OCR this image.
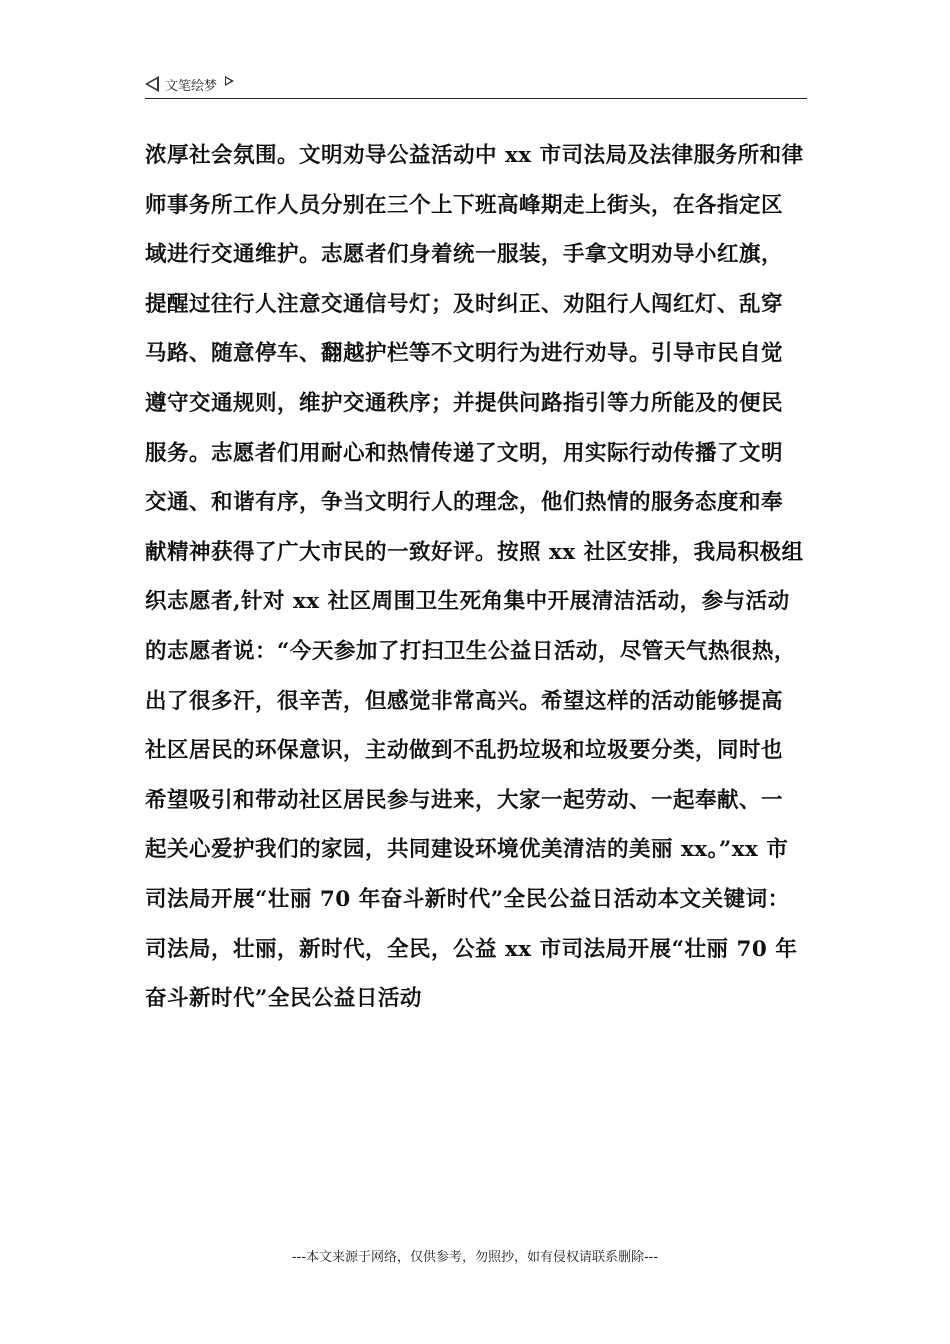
文笔绘梦
浓厚社会氛围。文明劝导公益活动中 xx 市司法局及法律服务所和律
师事务所工作人员分别在三个上下班高峰期走上街头，在各指定区
域进行交通维护。志愿者们身着统一服装，手拿文明劝导小红旗，
提醒过往行人注意交通信号灯；及时纠正、劝阻行人闯红灯、乱穿
马路、随意停车、翻越护栏等不文明行为进行劝导。引导市民自觉
遵守交通规则，维护交通秩序；并提供问路指引等力所能及的便民
服务。志愿者们用耐心和热情传递了文明，用实际行动传播了文明
交通、和谐有序，争当文明行人的理念，他们热情的服务态度和奉
献精神获得了广大市民的一致好评。按照 xx 社区安排，我局积极组
织志愿者,针对 xx 社区周围卫生死角集中开展清洁活动，参与活动
的志愿者说：“今天参加了打扫卫生公益日活动，尽管天气热很热，
出了很多汗，很辛苦，但感觉非常高兴。希望这样的活动能够提高
社区居民的环保意识，主动做到不乱扔垃圾和垃圾要分类，同时也
希望吸引和带动社区居民参与进来，大家一起劳动、一起奉献、一
起关心爱护我们的家园，共同建设环境优美清洁的美丽 xx。”xx 市
司法局开展“壮丽 70 年奋斗新时代”全民公益日活动本文关键词：
司法局，壮丽，新时代，全民，公益 xx 市司法局开展“壮丽 70 年
奋斗新时代”全民公益日活动
---本文来源于网络，仅供参考，勿照抄，如有侵权请联系删除---
